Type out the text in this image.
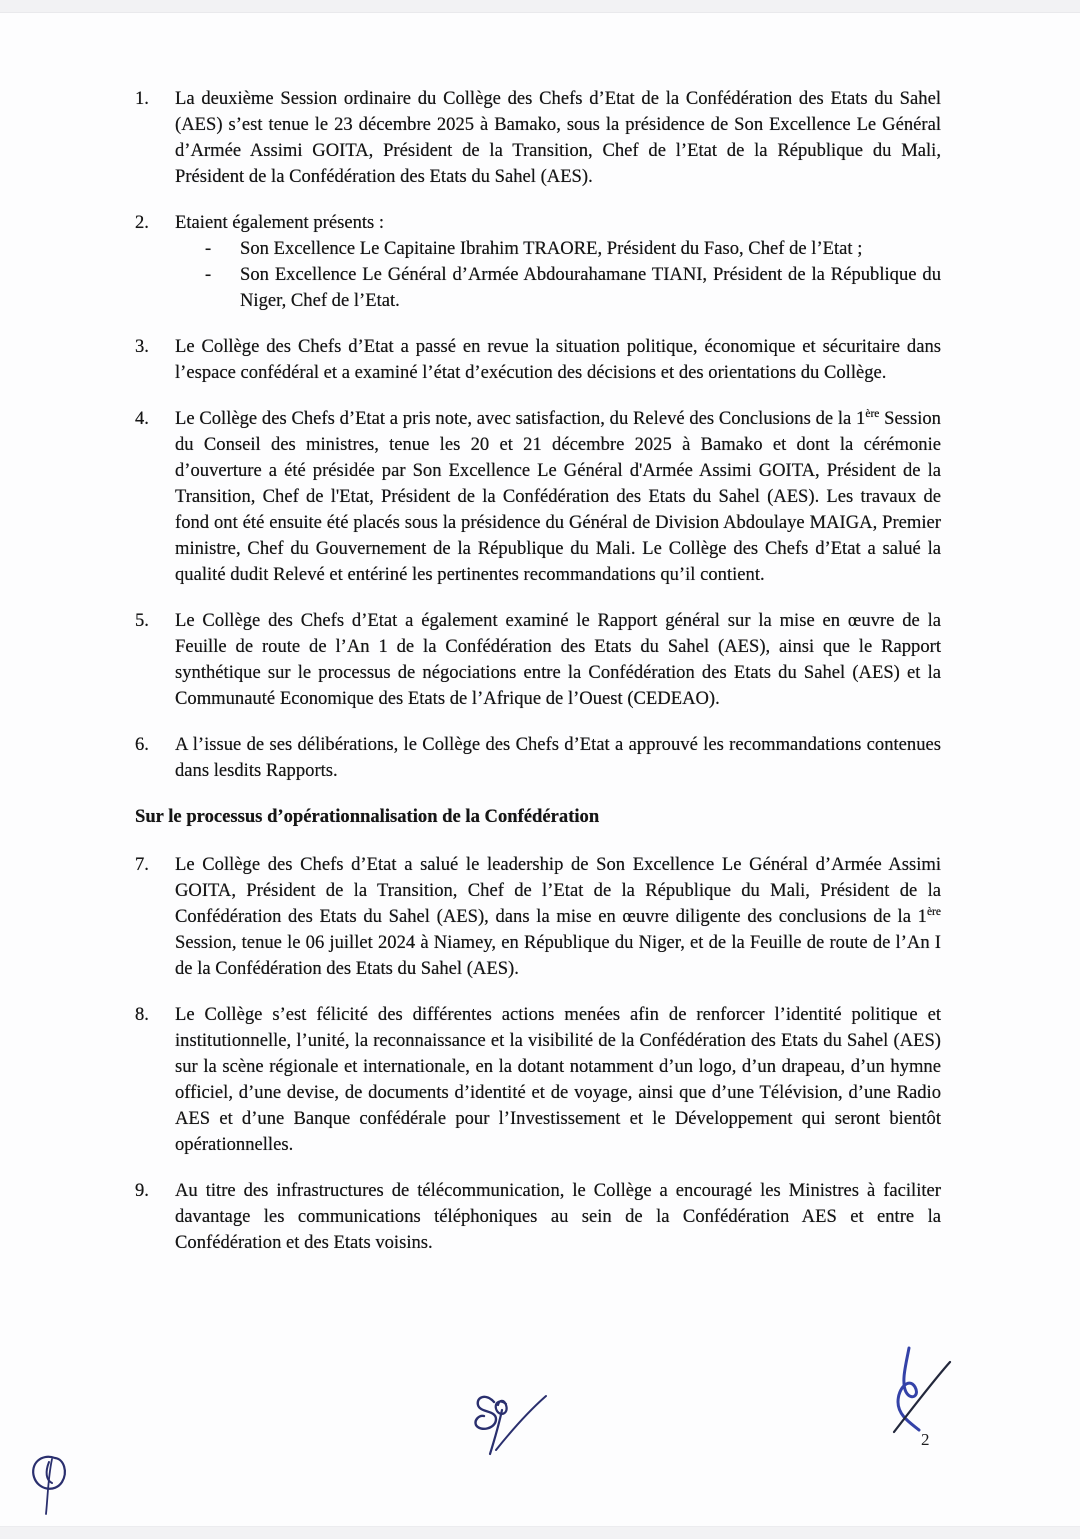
1.	La deuxième Session ordinaire du Collège des Chefs d’Etat de la Confédération des Etats du Sahel (AES) s’est tenue le 23 décembre 2025 à Bamako, sous la présidence de Son Excellence Le Général d’Armée Assimi GOITA, Président de la Transition, Chef de l’Etat de la République du Mali, Président de la Confédération des Etats du Sahel (AES).
2.	Etaient également présents :
-	Son Excellence Le Capitaine Ibrahim TRAORE, Président du Faso, Chef de l’Etat ;
-	Son Excellence Le Général d’Armée Abdourahamane TIANI, Président de la République du Niger, Chef de l’Etat.
3.	Le Collège des Chefs d’Etat a passé en revue la situation politique, économique et sécuritaire dans l’espace confédéral et a examiné l’état d’exécution des décisions et des orientations du Collège.
4.	Le Collège des Chefs d’Etat a pris note, avec satisfaction, du Relevé des Conclusions de la 1ère Session du Conseil des ministres, tenue les 20 et 21 décembre 2025 à Bamako et dont la cérémonie d’ouverture a été présidée par Son Excellence Le Général d'Armée Assimi GOITA, Président de la Transition, Chef de l'Etat, Président de la Confédération des Etats du Sahel (AES). Les travaux de fond ont été ensuite été placés sous la présidence du Général de Division Abdoulaye MAIGA, Premier ministre, Chef du Gouvernement de la République du Mali. Le Collège des Chefs d’Etat a salué la qualité dudit Relevé et entériné les pertinentes recommandations qu’il contient.
5.	Le Collège des Chefs d’Etat a également examiné le Rapport général sur la mise en œuvre de la Feuille de route de l’An 1 de la Confédération des Etats du Sahel (AES), ainsi que le Rapport synthétique sur le processus de négociations entre la Confédération des Etats du Sahel (AES) et la Communauté Economique des Etats de l’Afrique de l’Ouest (CEDEAO).
6.	A l’issue de ses délibérations, le Collège des Chefs d’Etat a approuvé les recommandations contenues dans lesdits Rapports.
Sur le processus d’opérationnalisation de la Confédération
7.	Le Collège des Chefs d’Etat a salué le leadership de Son Excellence Le Général d’Armée Assimi GOITA, Président de la Transition, Chef de l’Etat de la République du Mali, Président de la Confédération des Etats du Sahel (AES), dans la mise en œuvre diligente des conclusions de la 1ère Session, tenue le 06 juillet 2024 à Niamey, en République du Niger, et de la Feuille de route de l’An I de la Confédération des Etats du Sahel (AES).
8.	Le Collège s’est félicité des différentes actions menées afin de renforcer l’identité politique et institutionnelle, l’unité, la reconnaissance et la visibilité de la Confédération des Etats du Sahel (AES) sur la scène régionale et internationale, en la dotant notamment d’un logo, d’un drapeau, d’un hymne officiel, d’une devise, de documents d’identité et de voyage, ainsi que d’une Télévision, d’une Radio AES et d’une Banque confédérale pour l’Investissement et le Développement qui seront bientôt opérationnelles.
9.	Au titre des infrastructures de télécommunication, le Collège a encouragé les Ministres à faciliter davantage les communications téléphoniques au sein de la Confédération AES et entre la Confédération et des Etats voisins.
2
